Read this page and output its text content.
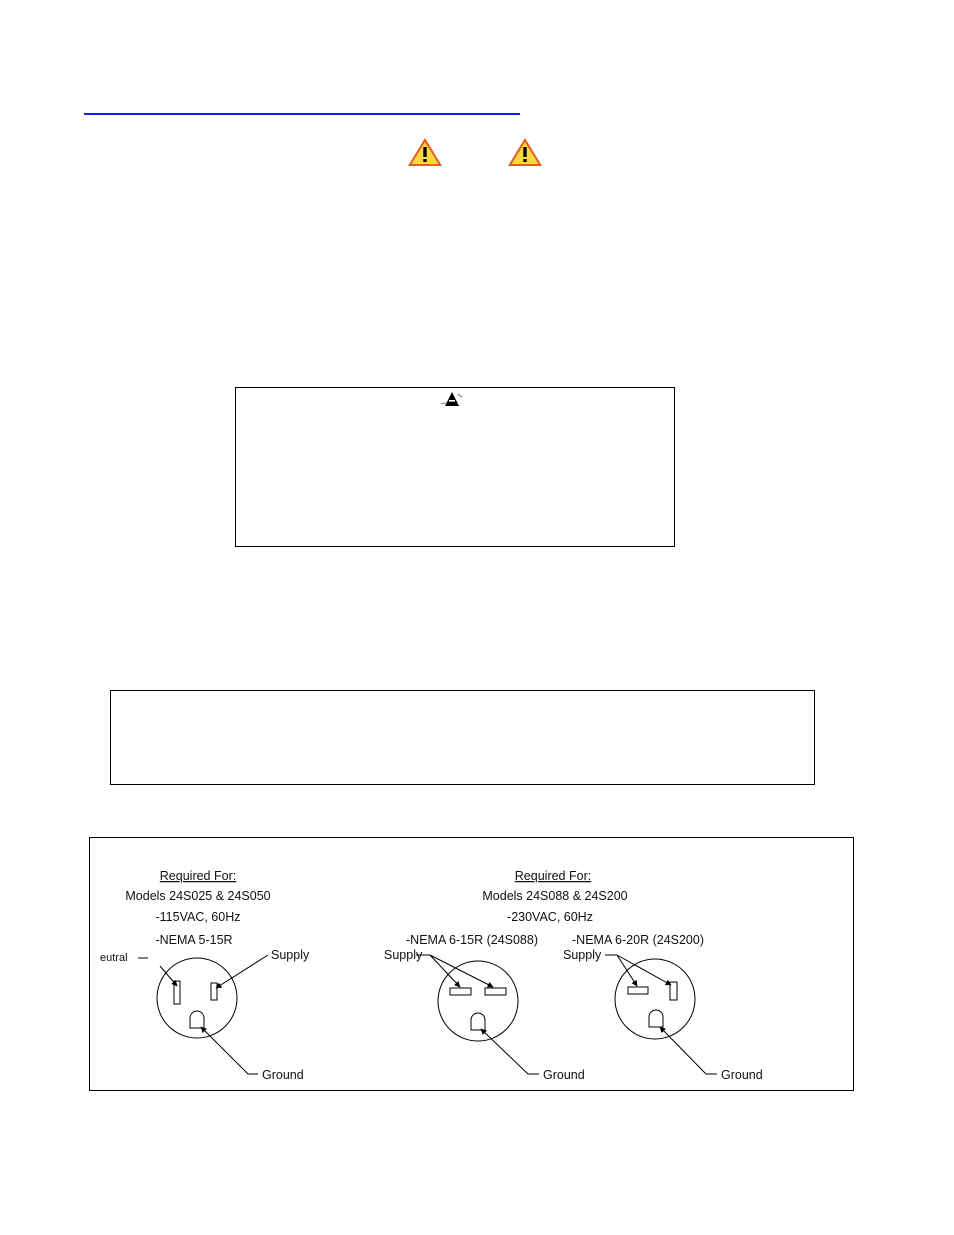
Required For:
Models 24S025 & 24S050
-115VAC, 60Hz
-NEMA 5-15R
eutral	Supply
Ground
Required For:
Models 24S088 & 24S200
-230VAC, 60Hz
-NEMA 6-15R (24S088)
Supply
Ground
-NEMA 6-20R (24S200)
Supply
Ground
